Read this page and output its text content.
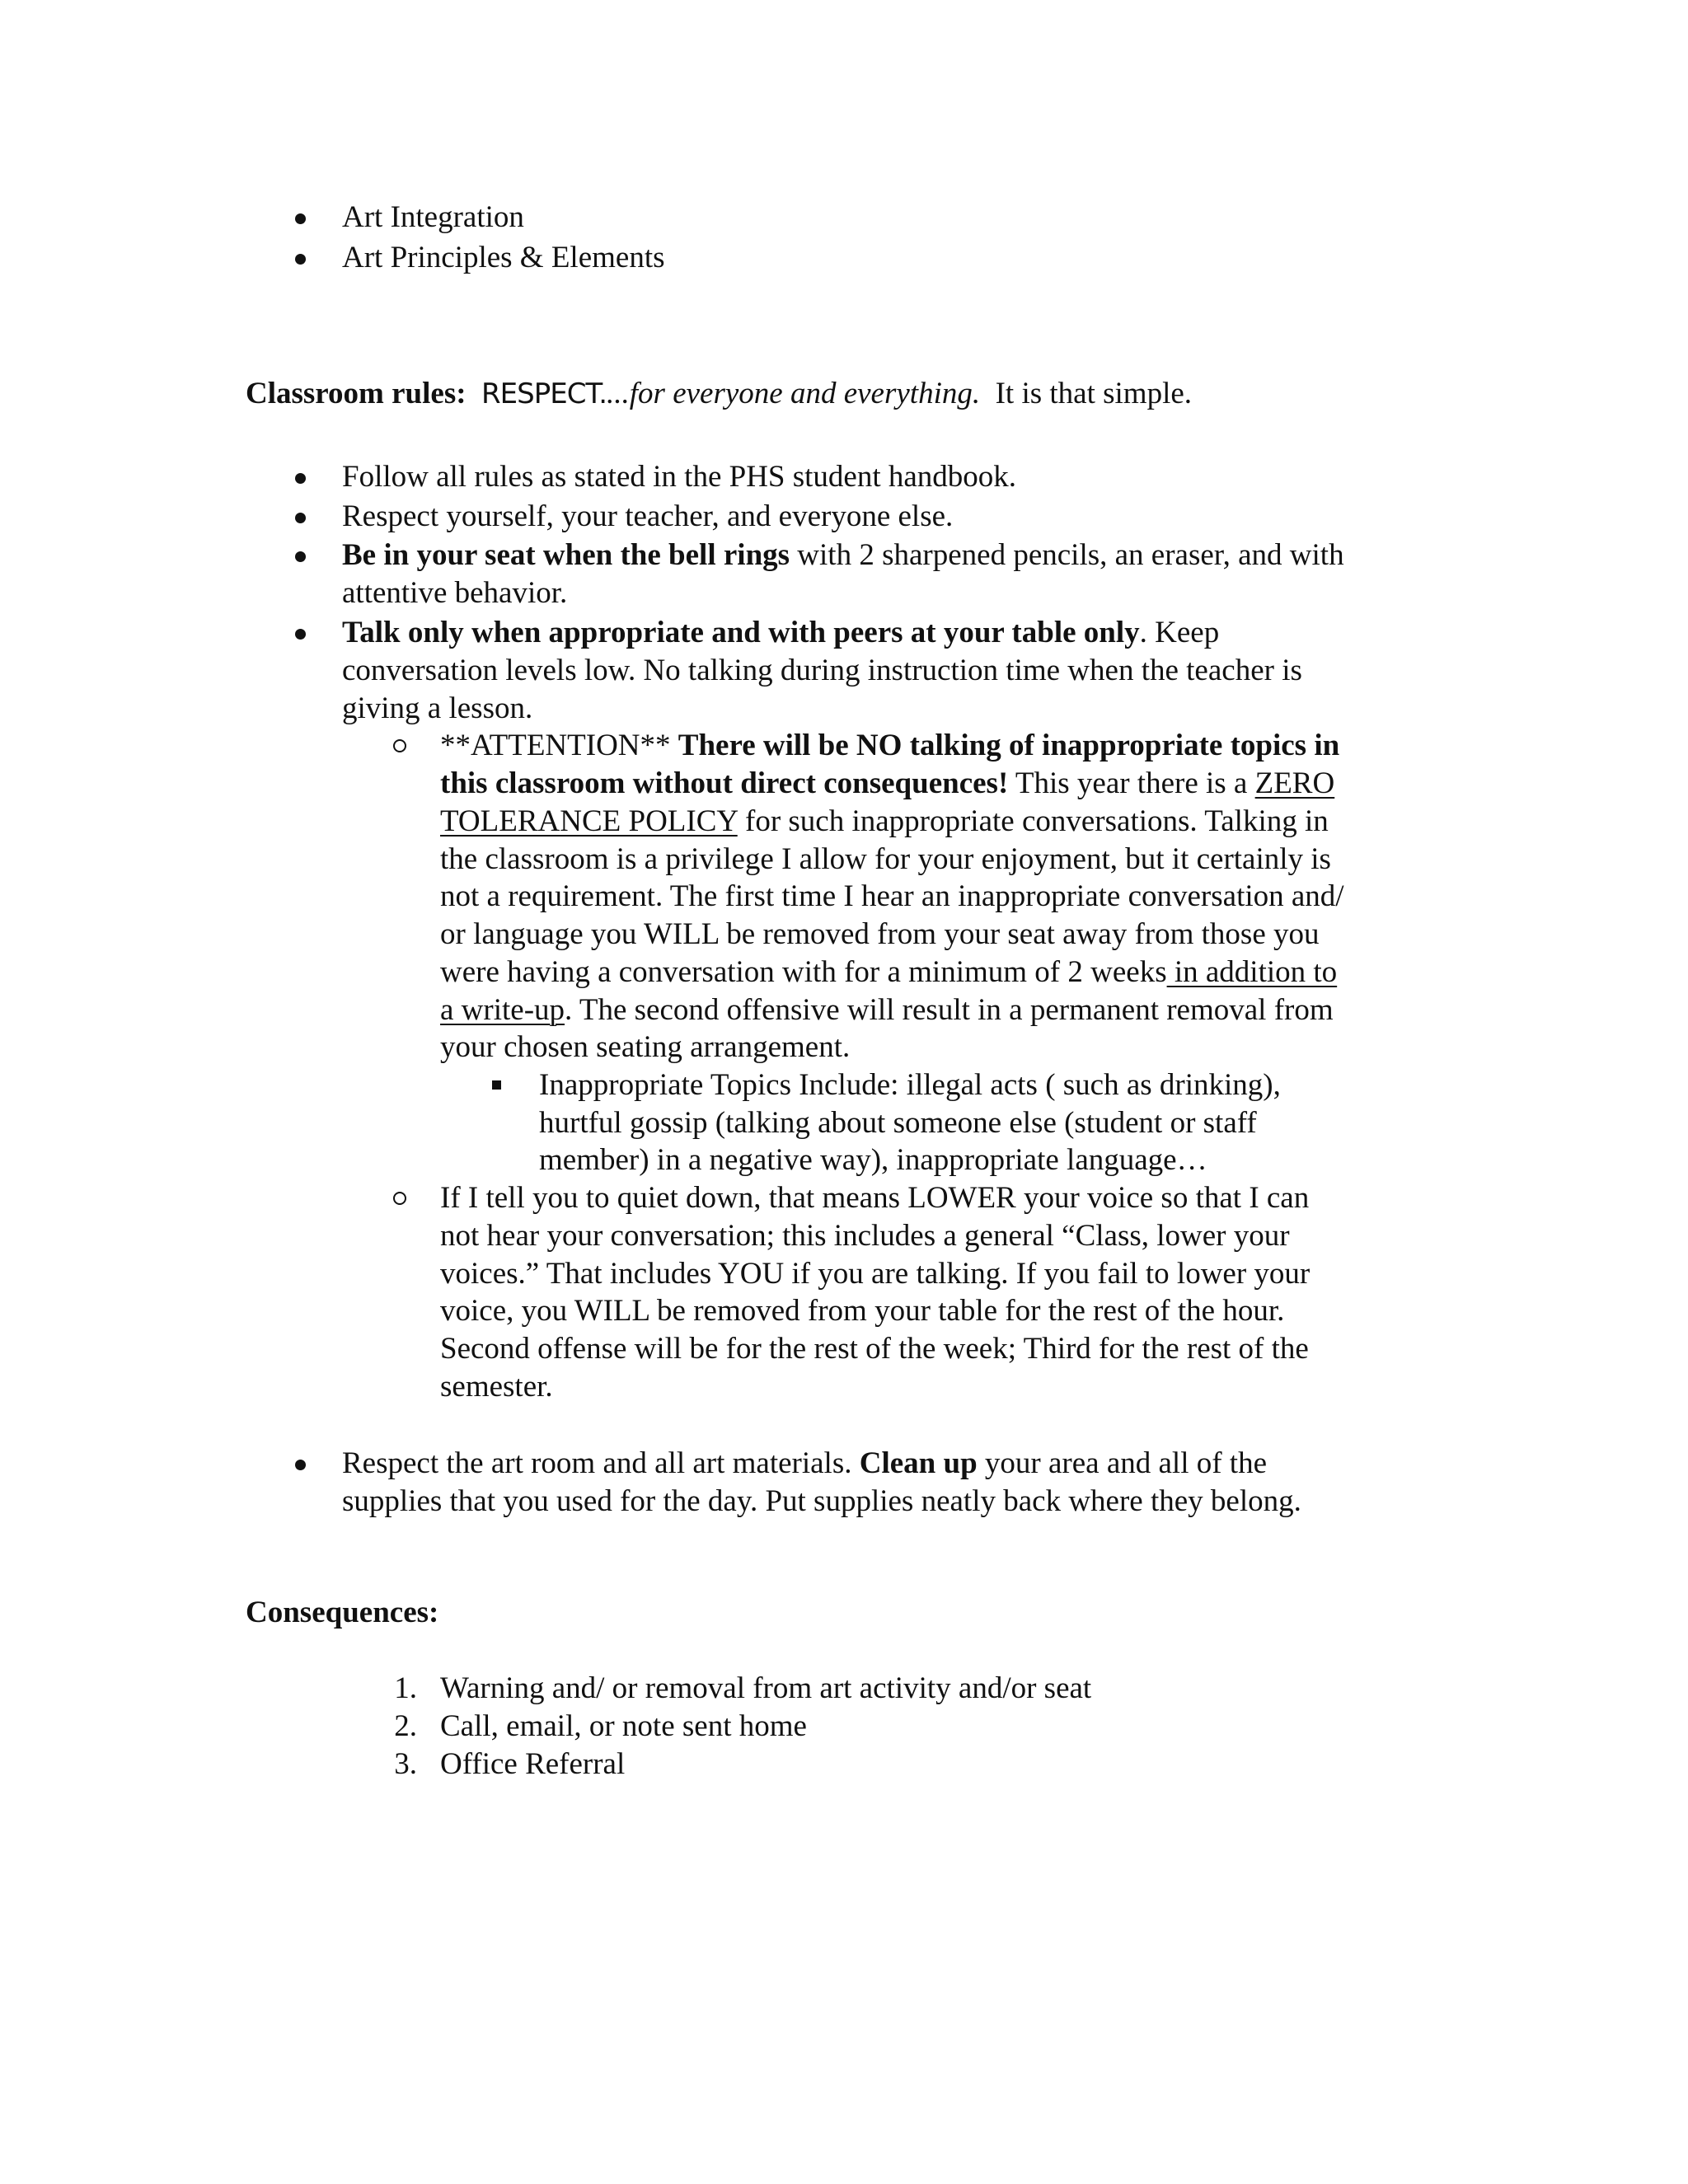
Art Integration
Art Principles & Elements
Classroom rules: RESPECT....for everyone and everything. It is that simple.
Follow all rules as stated in the PHS student handbook.
Respect yourself, your teacher, and everyone else.
Be in your seat when the bell rings with 2 sharpened pencils, an eraser, and with
attentive behavior.
Talk only when appropriate and with peers at your table only. Keep
conversation levels low. No talking during instruction time when the teacher is
giving a lesson.
**ATTENTION** There will be NO talking of inappropriate topics in
this classroom without direct consequences! This year there is a ZERO
TOLERANCE POLICY for such inappropriate conversations. Talking in
the classroom is a privilege I allow for your enjoyment, but it certainly is
not a requirement. The first time I hear an inappropriate conversation and/
or language you WILL be removed from your seat away from those you
were having a conversation with for a minimum of 2 weeks in addition to
a write-up. The second offensive will result in a permanent removal from
your chosen seating arrangement.
Inappropriate Topics Include: illegal acts ( such as drinking),
hurtful gossip (talking about someone else (student or staff
member) in a negative way), inappropriate language…
If I tell you to quiet down, that means LOWER your voice so that I can
not hear your conversation; this includes a general “Class, lower your
voices.” That includes YOU if you are talking. If you fail to lower your
voice, you WILL be removed from your table for the rest of the hour.
Second offense will be for the rest of the week; Third for the rest of the
semester.
Respect the art room and all art materials. Clean up your area and all of the
supplies that you used for the day. Put supplies neatly back where they belong.
Consequences:
1. Warning and/ or removal from art activity and/or seat
2. Call, email, or note sent home
3. Office Referral
